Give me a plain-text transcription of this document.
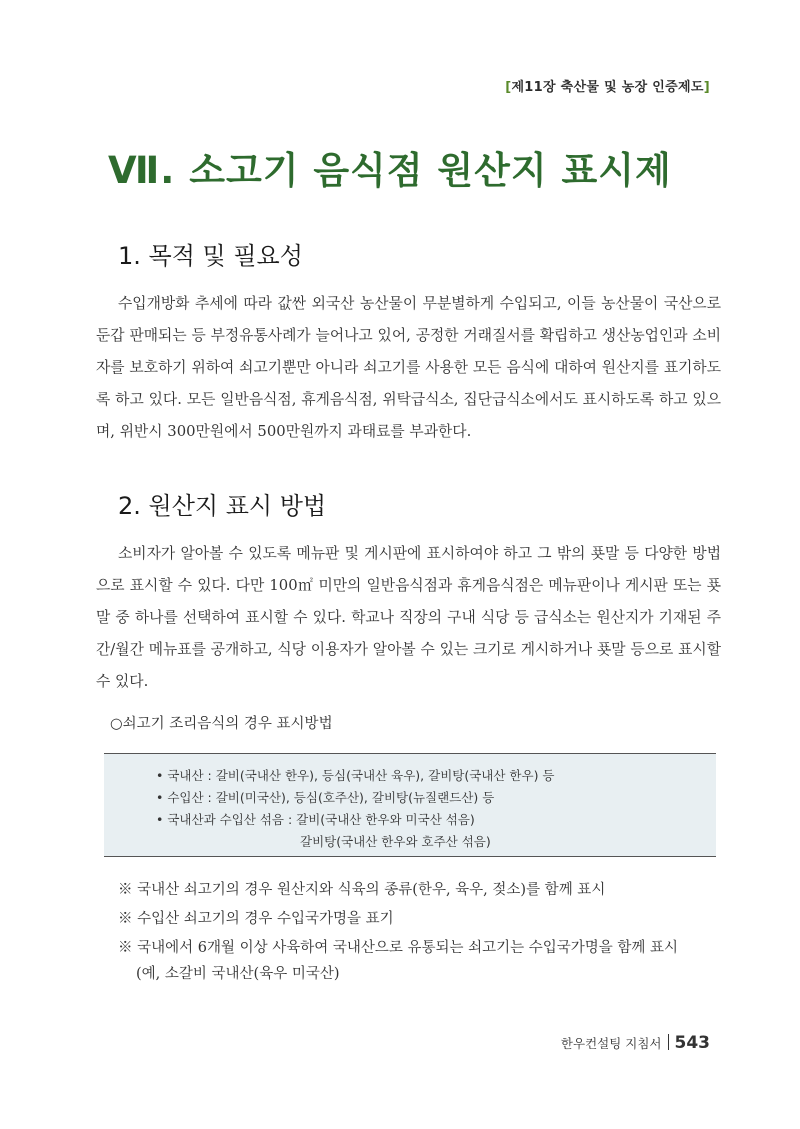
[제11장 축산물 및 농장 인증제도]
Ⅶ. 소고기 음식점 원산지 표시제
1. 목적 및 필요성

수입개방화 추세에 따라 값싼 외국산 농산물이 무분별하게 수입되고, 이들 농산물이 국산으로 둔갑 판매되는 등 부정유통사례가 늘어나고 있어, 공정한 거래질서를 확립하고 생산농업인과 소비자를 보호하기 위하여 쇠고기뿐만 아니라 쇠고기를 사용한 모든 음식에 대하여 원산지를 표기하도록 하고 있다. 모든 일반음식점, 휴게음식점, 위탁급식소, 집단급식소에서도 표시하도록 하고 있으며, 위반시 300만원에서 500만원까지 과태료를 부과한다.

2. 원산지 표시 방법

소비자가 알아볼 수 있도록 메뉴판 및 게시판에 표시하여야 하고 그 밖의 푯말 등 다양한 방법으로 표시할 수 있다. 다만 100㎡ 미만의 일반음식점과 휴게음식점은 메뉴판이나 게시판 또는 푯말 중 하나를 선택하여 표시할 수 있다. 학교나 직장의 구내 식당 등 급식소는 원산지가 기재된 주간/월간 메뉴표를 공개하고, 식당 이용자가 알아볼 수 있는 크기로 게시하거나 푯말 등으로 표시할 수 있다.

○쇠고기 조리음식의 경우 표시방법
• 국내산 : 갈비(국내산 한우), 등심(국내산 육우), 갈비탕(국내산 한우) 등
• 수입산 : 갈비(미국산), 등심(호주산), 갈비탕(뉴질랜드산) 등
• 국내산과 수입산 섞음 : 갈비(국내산 한우와 미국산 섞음)
갈비탕(국내산 한우와 호주산 섞음)
※ 국내산 쇠고기의 경우 원산지와 식육의 종류(한우, 육우, 젖소)를 함께 표시
※ 수입산 쇠고기의 경우 수입국가명을 표기
※ 국내에서 6개월 이상 사육하여 국내산으로 유통되는 쇠고기는 수입국가명을 함께 표시
(예, 소갈비 국내산(육우 미국산)
한우컨설팅 지침서 543
